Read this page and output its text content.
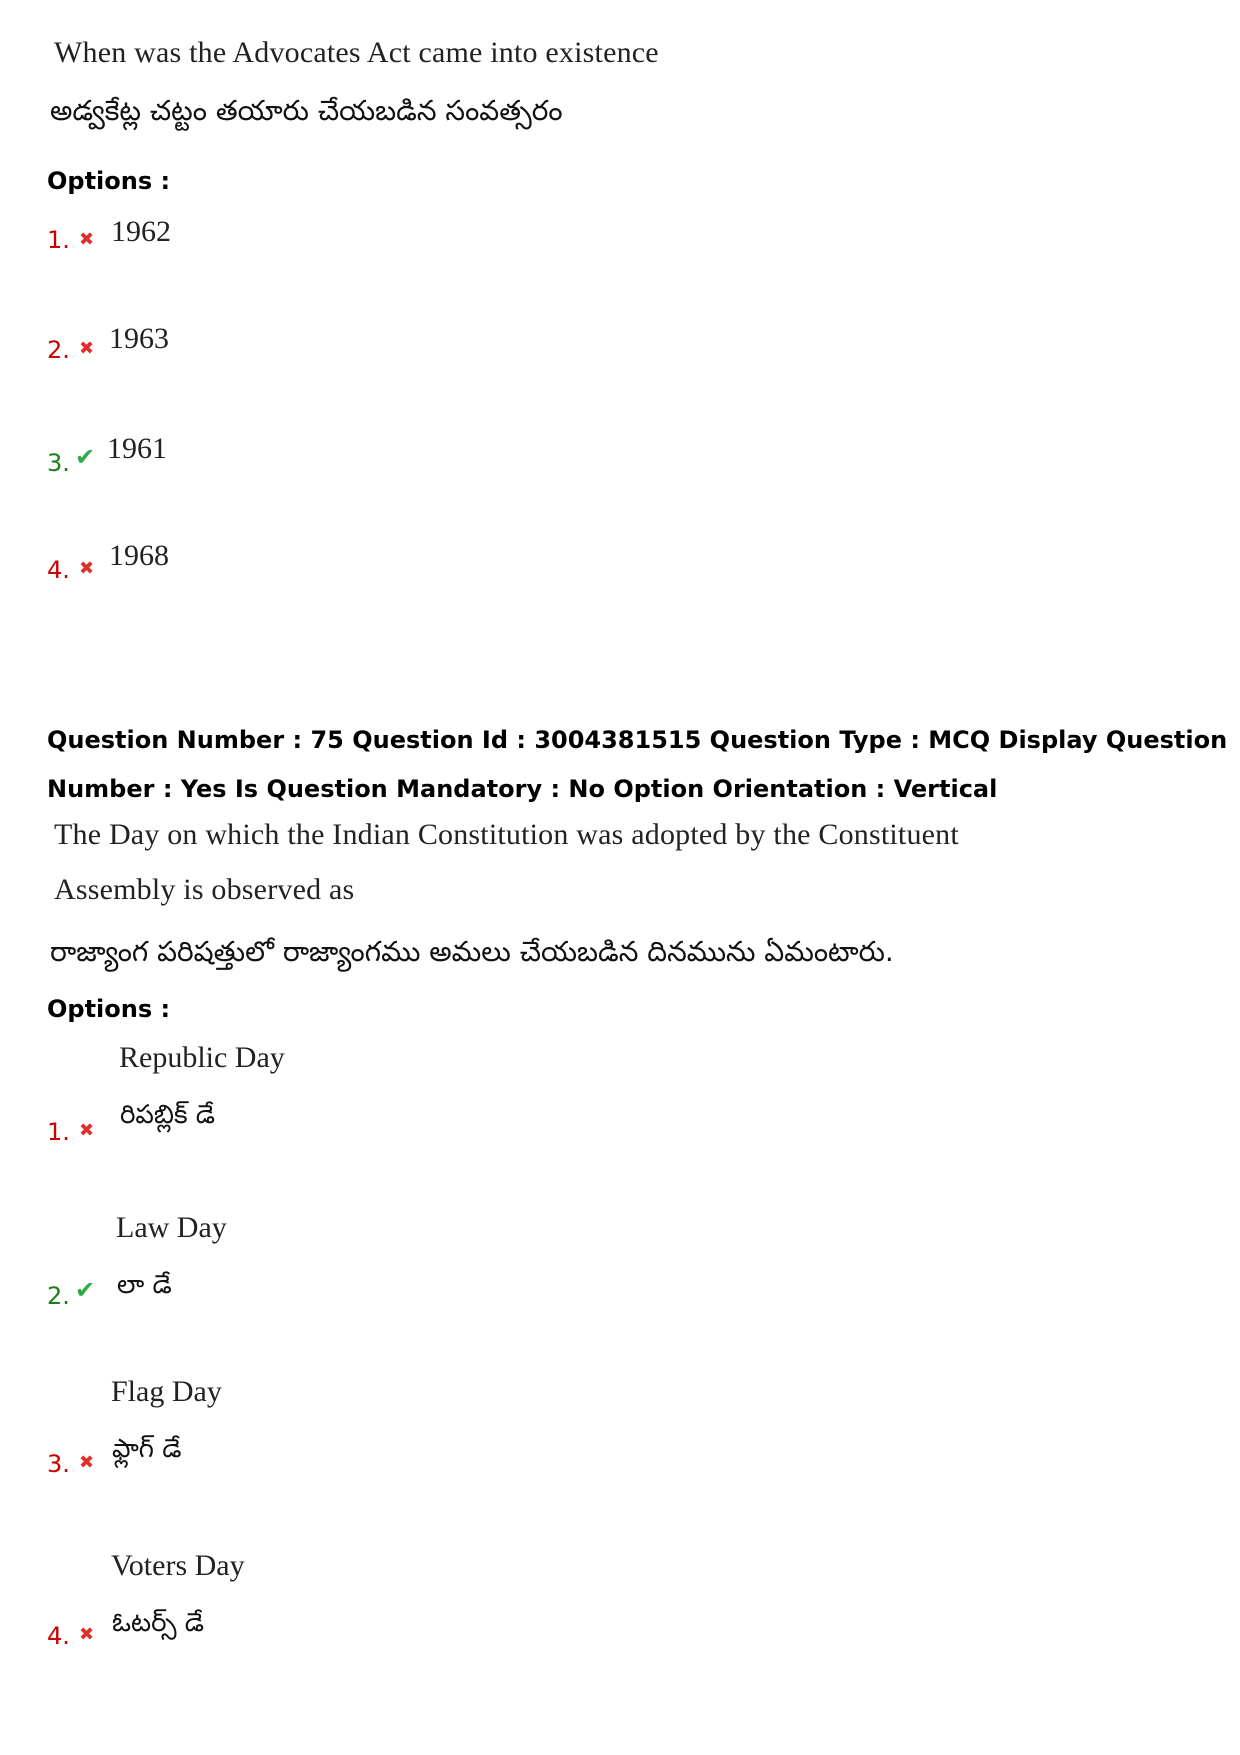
When was the Advocates Act came into existence
అడ్వకేట్ల చట్టం తయారు చేయబడిన సంవత్సరం
Options :
1. ✖ 1962
2. ✖ 1963
3. ✔ 1961
4. ✖ 1968
Question Number : 75 Question Id : 3004381515 Question Type : MCQ Display Question
Number : Yes Is Question Mandatory : No Option Orientation : Vertical
The Day on which the Indian Constitution was adopted by the Constituent
Assembly is observed as
రాజ్యాంగ పరిషత్తులో రాజ్యాంగము అమలు చేయబడిన దినమును ఏమంటారు.
Options :
Republic Day
రిపబ్లిక్ డే
1. ✖
Law Day
లా డే
2. ✔
Flag Day
ఫ్లాగ్ డే
3. ✖
Voters Day
ఓటర్స్ డే
4. ✖
